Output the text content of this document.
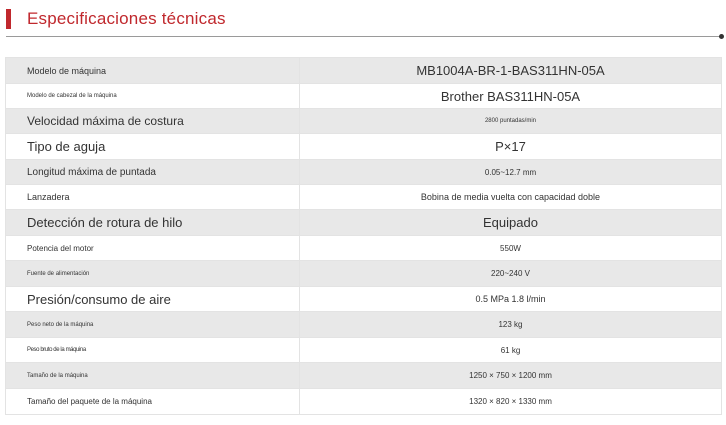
Especificaciones técnicas
Modelo de máquina	MB1004A-BR-1-BAS311HN-05A
Modelo de cabezal de la máquina	Brother BAS311HN-05A
Velocidad máxima de costura	2800 puntadas/min
Tipo de aguja	P×17
Longitud máxima de puntada	0.05~12.7 mm
Lanzadera	Bobina de media vuelta con capacidad doble
Detección de rotura de hilo	Equipado
Potencia del motor	550W
Fuente de alimentación	220~240 V
Presión/consumo de aire	0.5 MPa 1.8 l/min
Peso neto de la máquina	123 kg
Peso bruto de la máquina	61 kg
Tamaño de la máquina	1250 × 750 × 1200 mm
Tamaño del paquete de la máquina	1320 × 820 × 1330 mm
